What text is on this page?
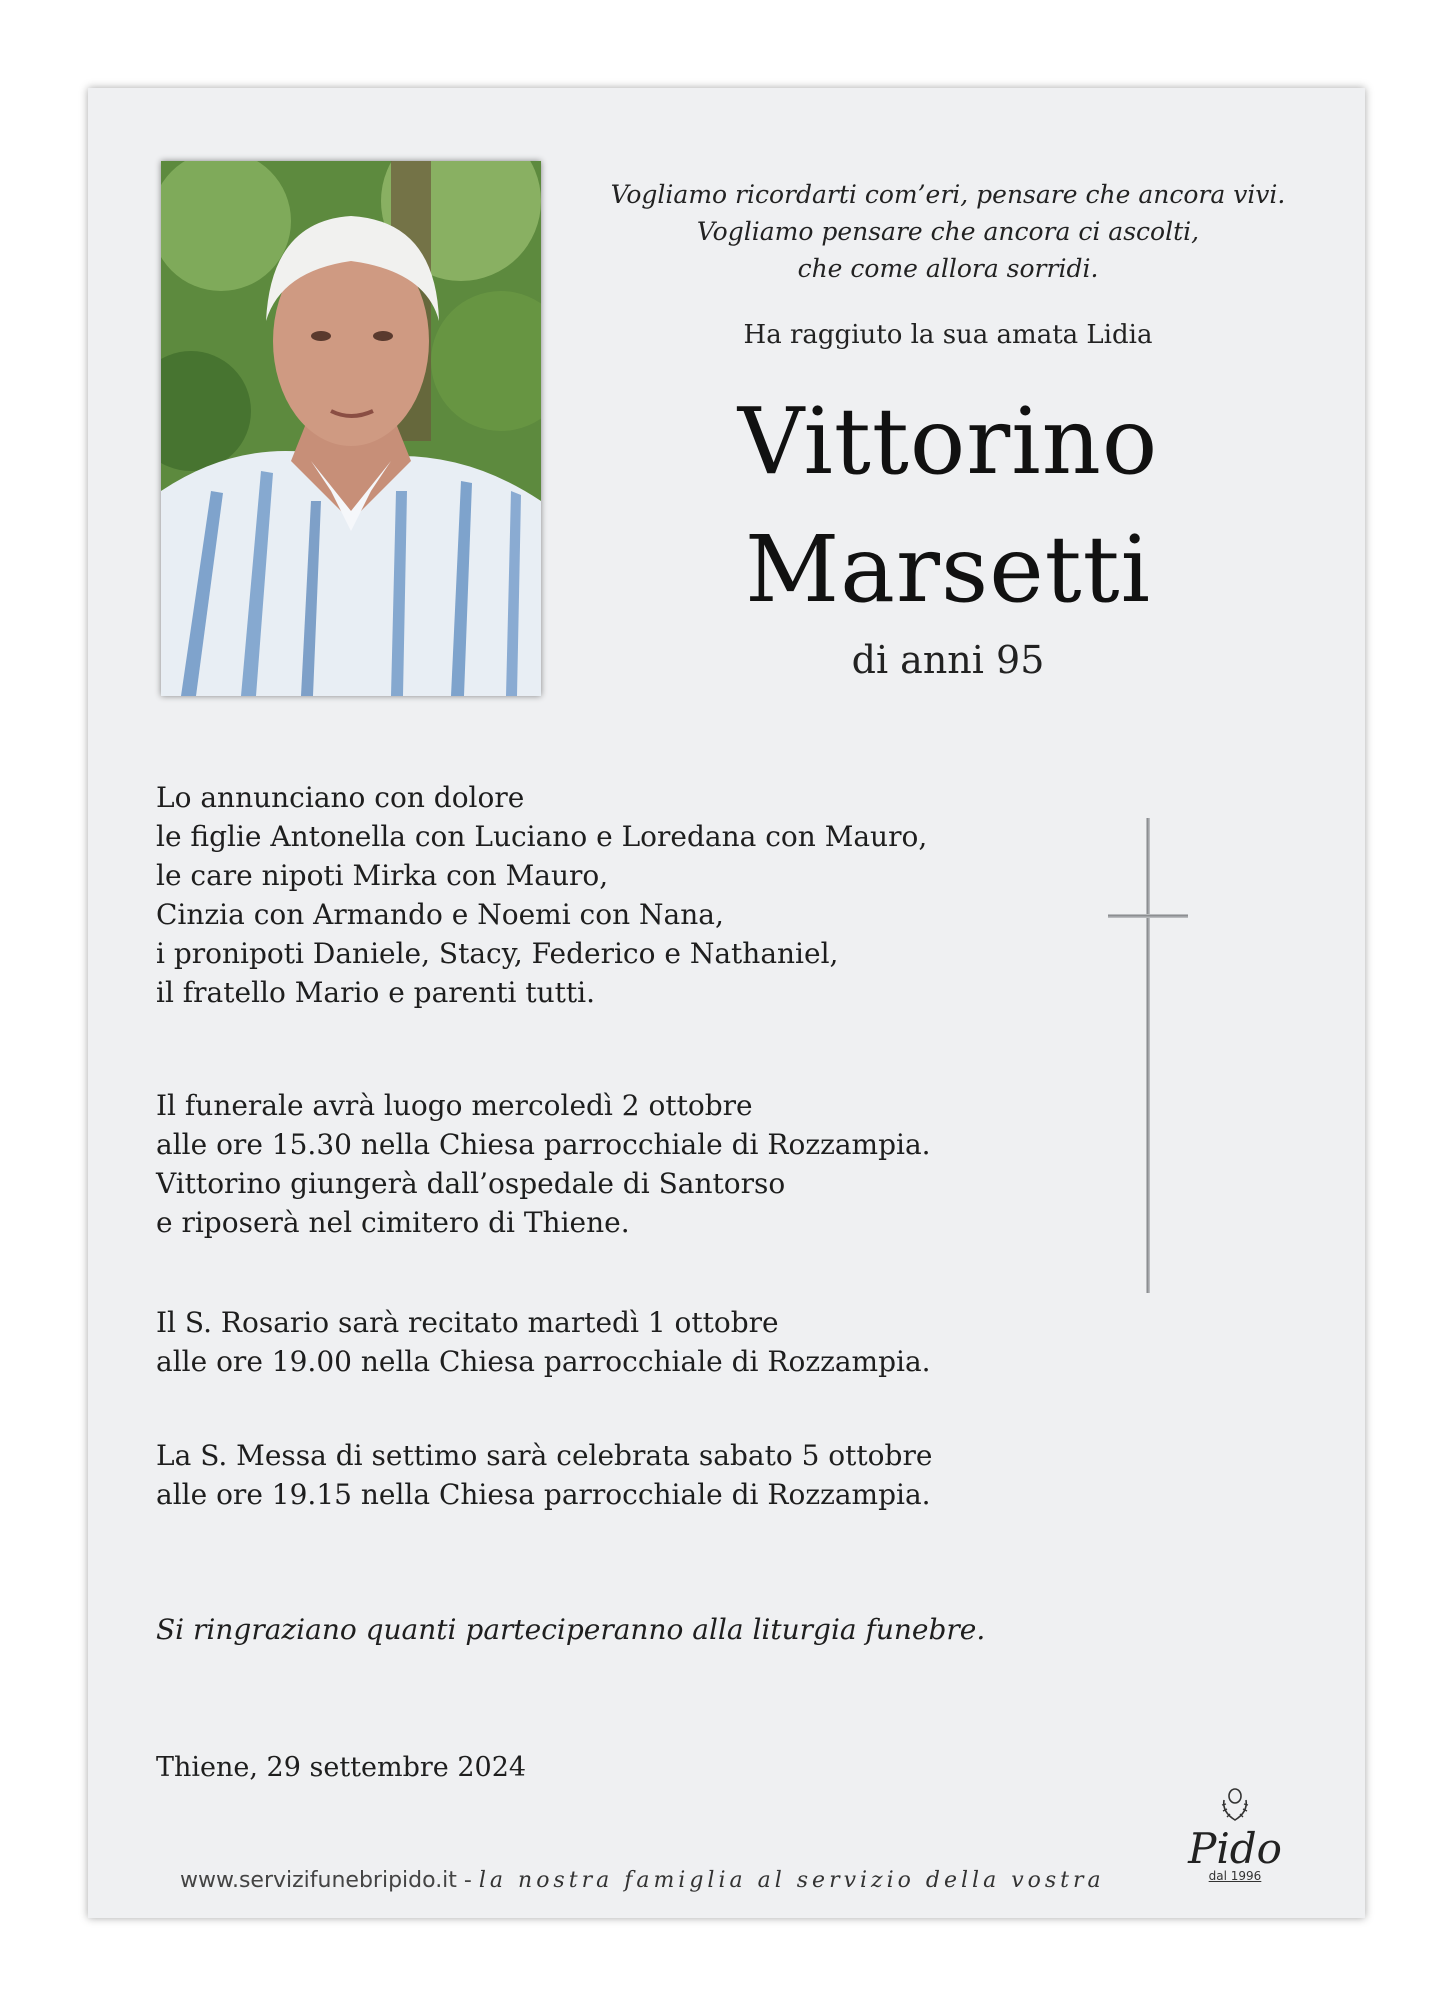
Vogliamo ricordarti com’eri, pensare che ancora vivi.
Vogliamo pensare che ancora ci ascolti,
che come allora sorridi.
Ha raggiuto la sua amata Lidia
Vittorino
Marsetti
di anni 95
Lo annunciano con dolore
le figlie Antonella con Luciano e Loredana con Mauro,
le care nipoti Mirka con Mauro,
Cinzia con Armando e Noemi con Nana,
i pronipoti Daniele, Stacy, Federico e Nathaniel,
il fratello Mario e parenti tutti.
Il funerale avrà luogo mercoledì 2 ottobre
alle ore 15.30 nella Chiesa parrocchiale di Rozzampia.
Vittorino giungerà dall’ospedale di Santorso
e riposerà nel cimitero di Thiene.
Il S. Rosario sarà recitato martedì 1 ottobre
alle ore 19.00 nella Chiesa parrocchiale di Rozzampia.
La S. Messa di settimo sarà celebrata sabato 5 ottobre
alle ore 19.15 nella Chiesa parrocchiale di Rozzampia.
Si ringraziano quanti parteciperanno alla liturgia funebre.
Thiene, 29 settembre 2024
www.servizifunebripido.it - la nostra famiglia al servizio della vostra
Pido
dal 1996
